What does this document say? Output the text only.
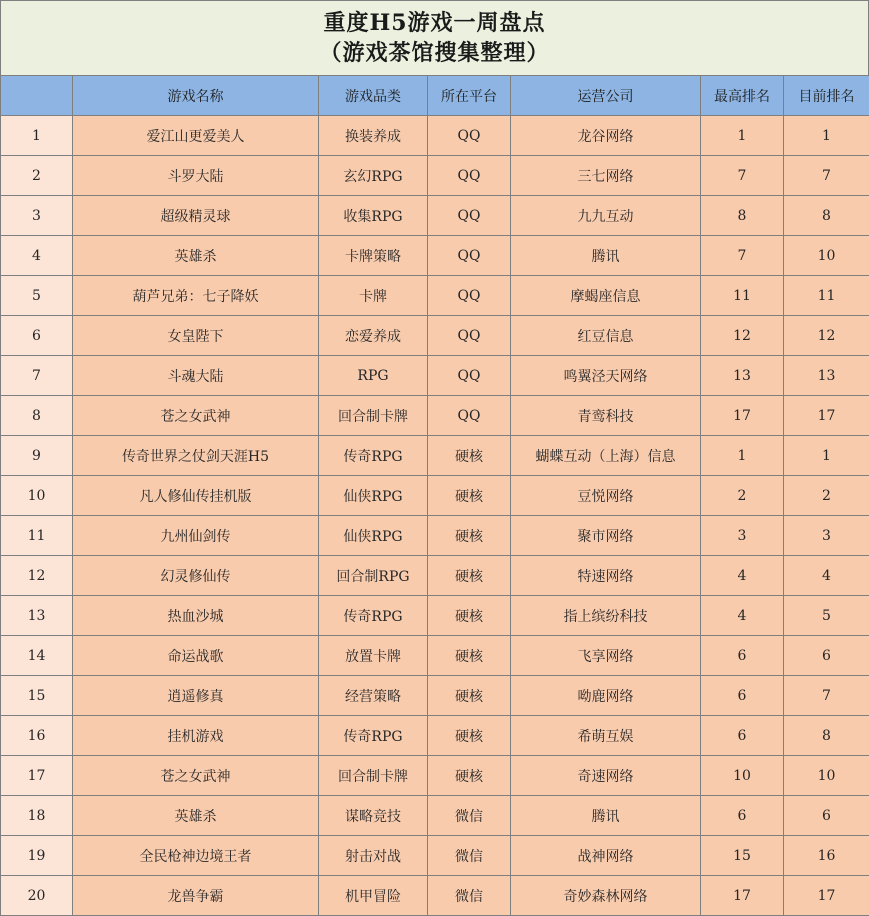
重度H5游戏一周盘点
（游戏茶馆搜集整理）
	游戏名称	游戏品类	所在平台	运营公司	最高排名	目前排名
1	爱江山更爱美人	换装养成	QQ	龙谷网络	1	1
2	斗罗大陆	玄幻RPG	QQ	三七网络	7	7
3	超级精灵球	收集RPG	QQ	九九互动	8	8
4	英雄杀	卡牌策略	QQ	腾讯	7	10
5	葫芦兄弟：七子降妖	卡牌	QQ	摩蝎座信息	11	11
6	女皇陛下	恋爱养成	QQ	红豆信息	12	12
7	斗魂大陆	RPG	QQ	鸣翼泾天网络	13	13
8	苍之女武神	回合制卡牌	QQ	青鸾科技	17	17
9	传奇世界之仗剑天涯H5	传奇RPG	硬核	蝴蝶互动（上海）信息	1	1
10	凡人修仙传挂机版	仙侠RPG	硬核	豆悦网络	2	2
11	九州仙剑传	仙侠RPG	硬核	聚市网络	3	3
12	幻灵修仙传	回合制RPG	硬核	特速网络	4	4
13	热血沙城	传奇RPG	硬核	指上缤纷科技	4	5
14	命运战歌	放置卡牌	硬核	飞享网络	6	6
15	逍遥修真	经营策略	硬核	呦鹿网络	6	7
16	挂机游戏	传奇RPG	硬核	希萌互娱	6	8
17	苍之女武神	回合制卡牌	硬核	奇速网络	10	10
18	英雄杀	谋略竞技	微信	腾讯	6	6
19	全民枪神边境王者	射击对战	微信	战神网络	15	16
20	龙兽争霸	机甲冒险	微信	奇妙森林网络	17	17
